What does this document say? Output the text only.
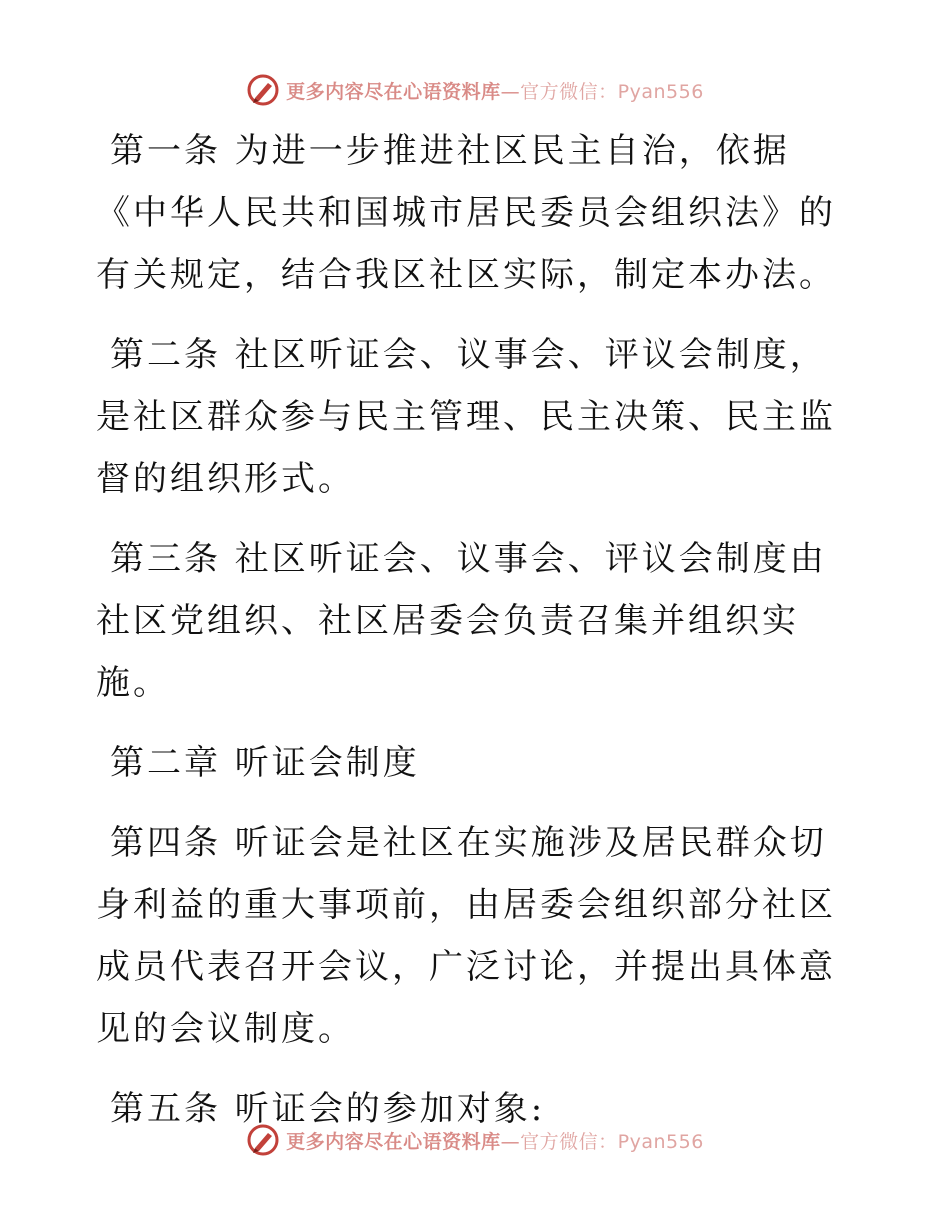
更多内容尽在心语资料库—官方微信：Pyan556

第一条 为进一步推进社区民主自治，依据《中华人民共和国城市居民委员会组织法》的有关规定，结合我区社区实际，制定本办法。

第二条 社区听证会、议事会、评议会制度，是社区群众参与民主管理、民主决策、民主监督的组织形式。

第三条 社区听证会、议事会、评议会制度由社区党组织、社区居委会负责召集并组织实施。

第二章 听证会制度

第四条 听证会是社区在实施涉及居民群众切身利益的重大事项前，由居委会组织部分社区成员代表召开会议，广泛讨论，并提出具体意见的会议制度。

第五条 听证会的参加对象:

更多内容尽在心语资料库—官方微信：Pyan556
